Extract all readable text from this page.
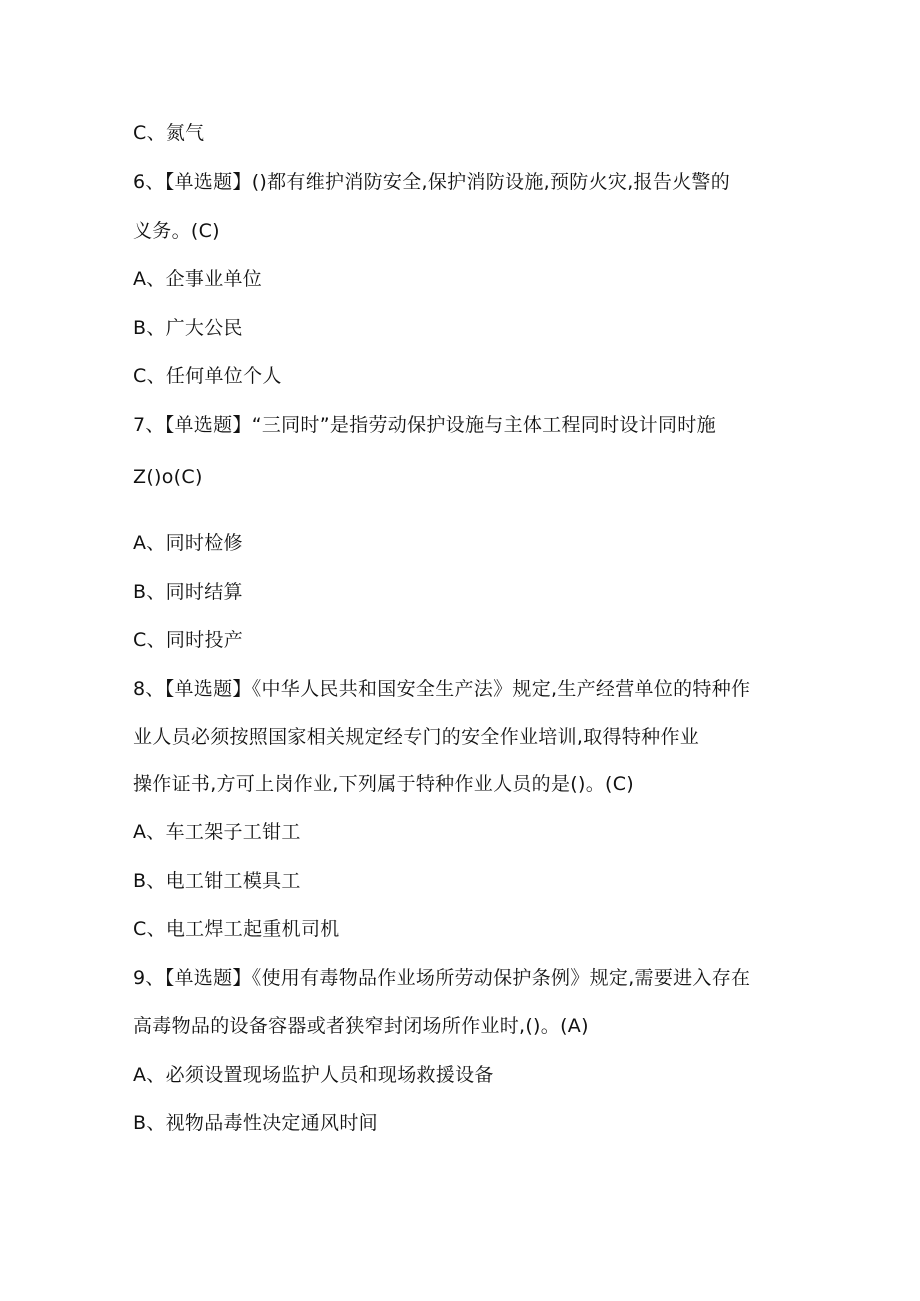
C、氮气
6、【单选题】()都有维护消防安全,保护消防设施,预防火灾,报告火警的
义务。(C)
A、企事业单位
B、广大公民
C、任何单位个人
7、【单选题】“三同时”是指劳动保护设施与主体工程同时设计同时施
Z()o(C)
A、同时检修
B、同时结算
C、同时投产
8、【单选题】《中华人民共和国安全生产法》规定,生产经营单位的特种作
业人员必须按照国家相关规定经专门的安全作业培训,取得特种作业
操作证书,方可上岗作业,下列属于特种作业人员的是()。(C)
A、车工架子工钳工
B、电工钳工模具工
C、电工焊工起重机司机
9、【单选题】《使用有毒物品作业场所劳动保护条例》规定,需要进入存在
高毒物品的设备容器或者狭窄封闭场所作业时,()。(A)
A、必须设置现场监护人员和现场救援设备
B、视物品毒性决定通风时间
